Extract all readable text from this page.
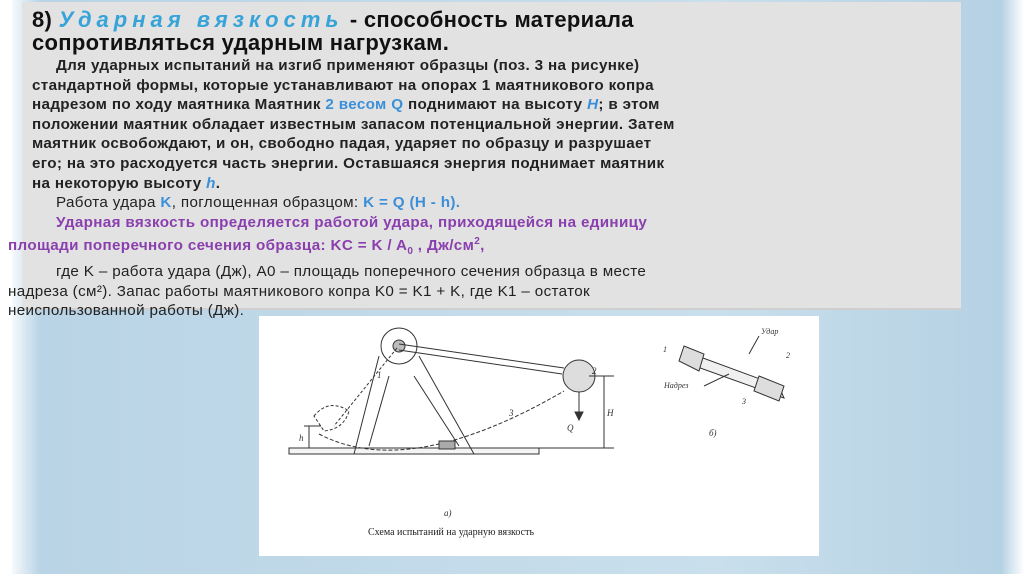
8) Ударная вязкость - способность материала
сопротивляться ударным нагрузкам.

Для ударных испытаний на изгиб применяют образцы (поз. 3 на рисунке)
стандартной формы, которые устанавливают на опорах 1 маятникового копра
надрезом по ходу маятника Маятник 2 весом Q поднимают на высоту H; в этом
положении маятник обладает известным запасом потенциальной энергии. Затем
маятник освобождают, и он, свободно падая, ударяет по образцу и разрушает
его; на это расходуется часть энергии. Оставшаяся энергия поднимает маятник
на некоторую высоту h.

Работа удара K, поглощенная образцом: K = Q (H - h).

Ударная вязкость определяется работой удара, приходящейся на единицу
площади поперечного сечения образца: KC = K / $A_0$ , $Дж/см^2$,

где K – работа удара (Дж), A0 – площадь поперечного сечения образца в месте
надреза (см²). Запас работы маятникового копра K0 = K1 + K, где K1 – остаток
неиспользованной работы (Дж).

1	2
3	H
h
Q
а)
б)
Надрез
Удар
1
2
3
Схема испытаний на ударную вязкость
